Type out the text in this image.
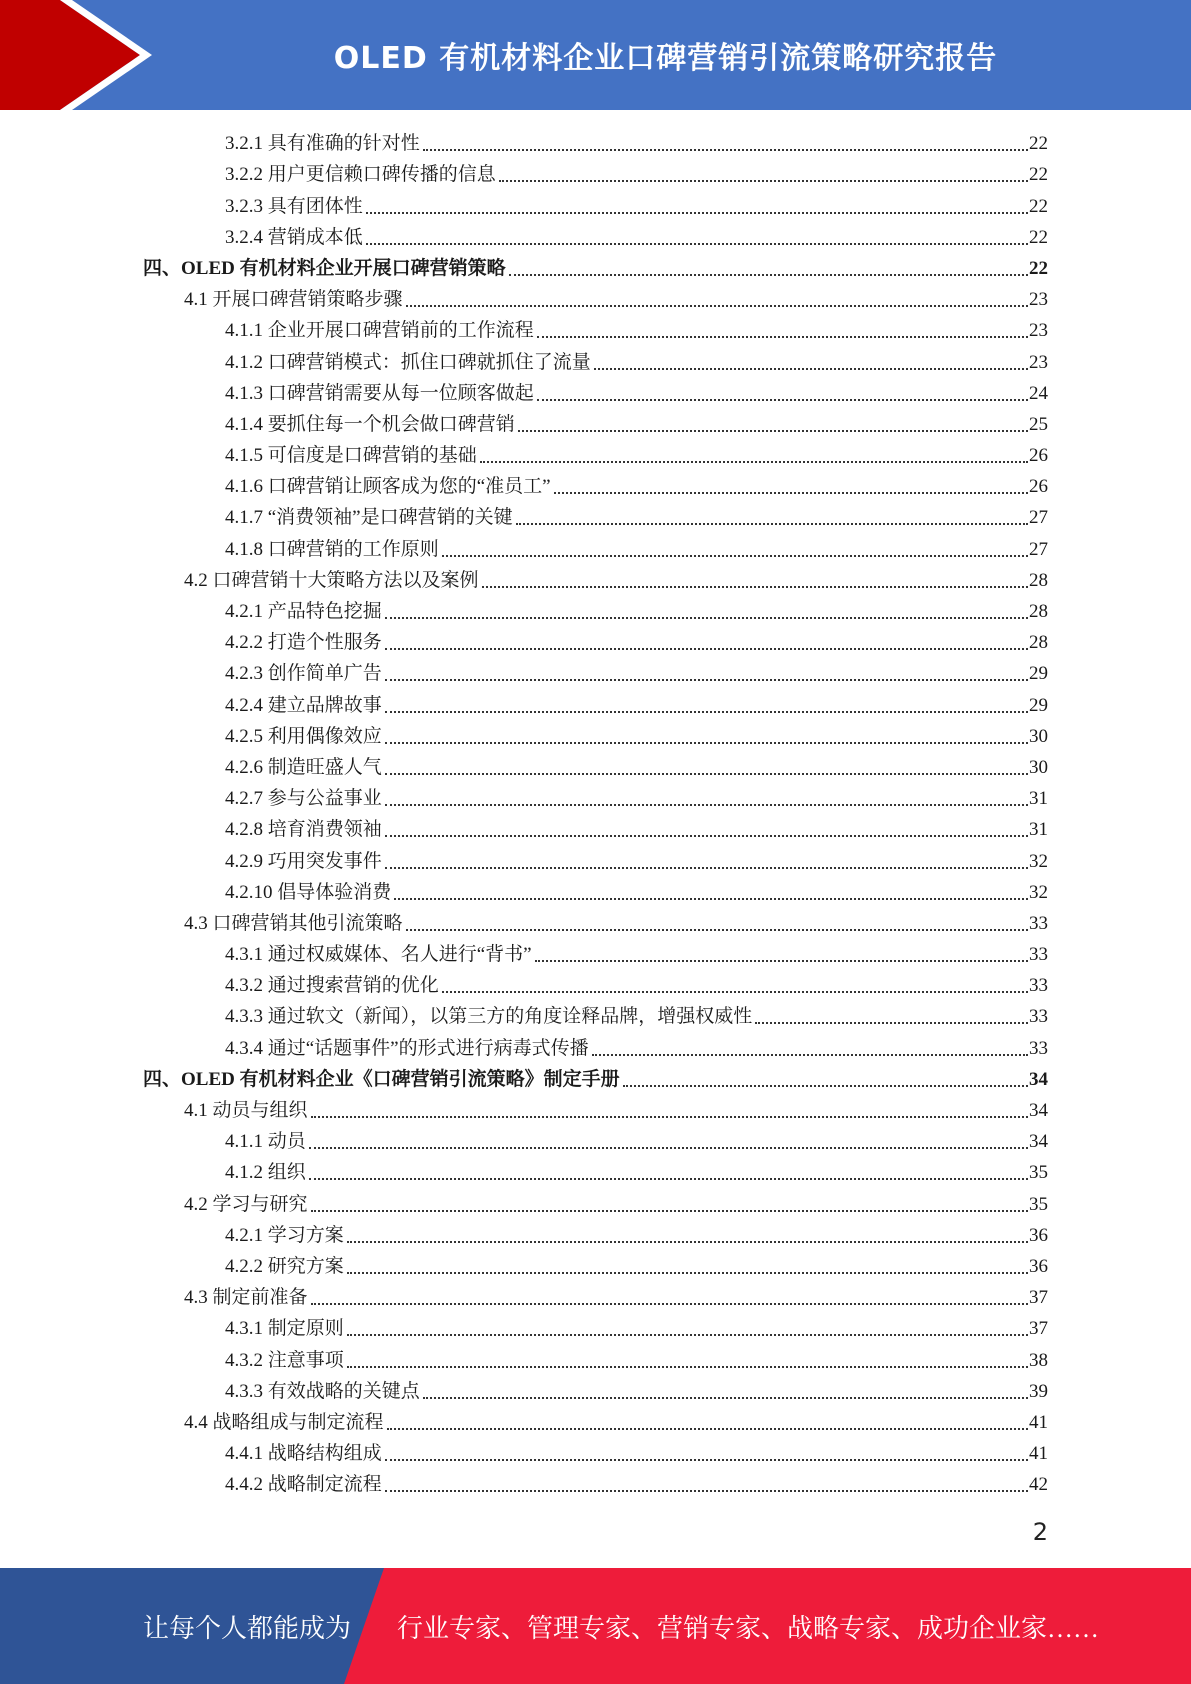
OLED 有机材料企业口碑营销引流策略研究报告
3.2.1 具有准确的针对性	22
3.2.2 用户更信赖口碑传播的信息	22
3.2.3 具有团体性	22
3.2.4 营销成本低	22
四、OLED 有机材料企业开展口碑营销策略	22
4.1 开展口碑营销策略步骤	23
4.1.1 企业开展口碑营销前的工作流程	23
4.1.2 口碑营销模式：抓住口碑就抓住了流量	23
4.1.3 口碑营销需要从每一位顾客做起	24
4.1.4 要抓住每一个机会做口碑营销	25
4.1.5 可信度是口碑营销的基础	26
4.1.6 口碑营销让顾客成为您的“准员工”	26
4.1.7 “消费领袖”是口碑营销的关键	27
4.1.8 口碑营销的工作原则	27
4.2 口碑营销十大策略方法以及案例	28
4.2.1 产品特色挖掘	28
4.2.2 打造个性服务	28
4.2.3 创作简单广告	29
4.2.4 建立品牌故事	29
4.2.5 利用偶像效应	30
4.2.6 制造旺盛人气	30
4.2.7 参与公益事业	31
4.2.8 培育消费领袖	31
4.2.9 巧用突发事件	32
4.2.10 倡导体验消费	32
4.3 口碑营销其他引流策略	33
4.3.1 通过权威媒体、名人进行“背书”	33
4.3.2 通过搜索营销的优化	33
4.3.3 通过软文（新闻），以第三方的角度诠释品牌，增强权威性	33
4.3.4 通过“话题事件”的形式进行病毒式传播	33
四、OLED 有机材料企业《口碑营销引流策略》制定手册	34
4.1 动员与组织	34
4.1.1 动员	34
4.1.2 组织	35
4.2 学习与研究	35
4.2.1 学习方案	36
4.2.2 研究方案	36
4.3 制定前准备	37
4.3.1 制定原则	37
4.3.2 注意事项	38
4.3.3 有效战略的关键点	39
4.4 战略组成与制定流程	41
4.4.1 战略结构组成	41
4.4.2 战略制定流程	42
2
让每个人都能成为 行业专家、管理专家、营销专家、战略专家、成功企业家……
